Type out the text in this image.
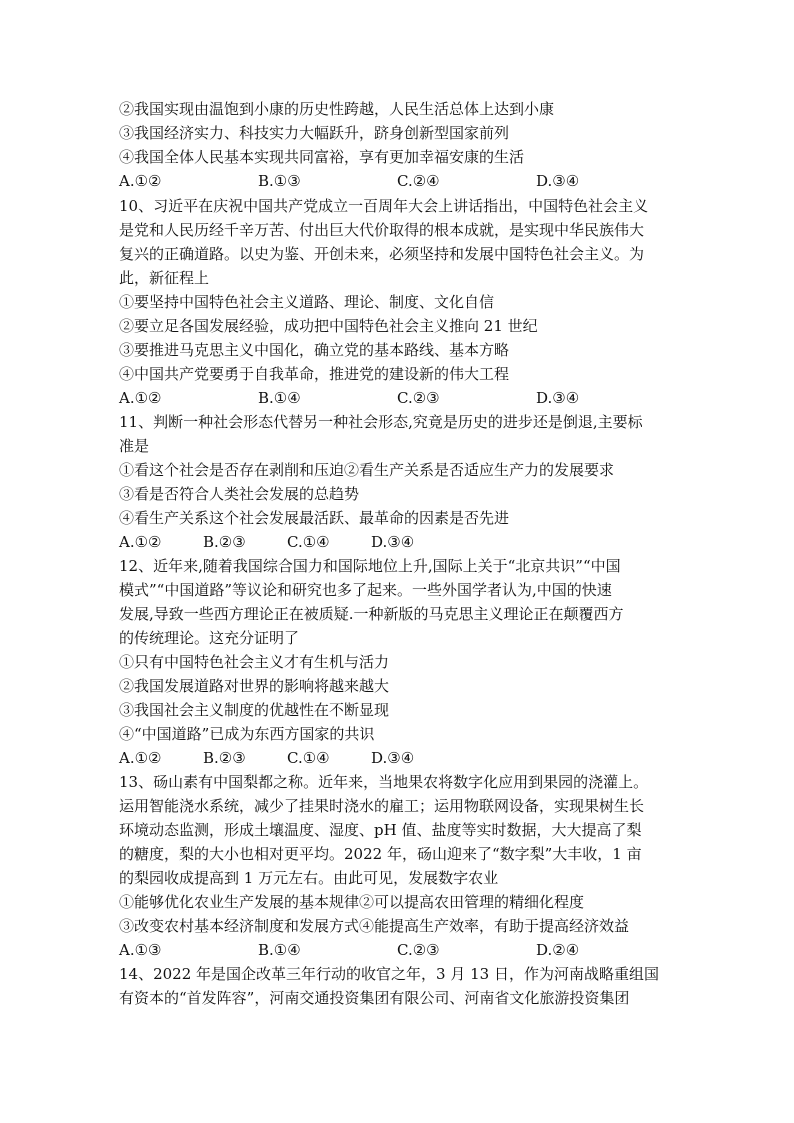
②我国实现由温饱到小康的历史性跨越，人民生活总体上达到小康
③我国经济实力、科技实力大幅跃升，跻身创新型国家前列
④我国全体人民基本实现共同富裕，享有更加幸福安康的生活
A.①②	B.①③	C.②④	D.③④
10、习近平在庆祝中国共产党成立一百周年大会上讲话指出，中国特色社会主义
是党和人民历经千辛万苦、付出巨大代价取得的根本成就，是实现中华民族伟大
复兴的正确道路。以史为鉴、开创未来，必须坚持和发展中国特色社会主义。为
此，新征程上
①要坚持中国特色社会主义道路、理论、制度、文化自信
②要立足各国发展经验，成功把中国特色社会主义推向 21 世纪
③要推进马克思主义中国化，确立党的基本路线、基本方略
④中国共产党要勇于自我革命，推进党的建设新的伟大工程
A.①②	B.①④	C.②③	D.③④
11、判断一种社会形态代替另一种社会形态,究竟是历史的进步还是倒退,主要标
准是
①看这个社会是否存在剥削和压迫②看生产关系是否适应生产力的发展要求
③看是否符合人类社会发展的总趋势
④看生产关系这个社会发展最活跃、最革命的因素是否先进
A.①②	B.②③	C.①④	D.③④
12、近年来,随着我国综合国力和国际地位上升,国际上关于“北京共识”“中国
模式”“中国道路”等议论和研究也多了起来。一些外国学者认为,中国的快速
发展,导致一些西方理论正在被质疑.一种新版的马克思主义理论正在颠覆西方
的传统理论。这充分证明了
①只有中国特色社会主义才有生机与活力
②我国发展道路对世界的影响将越来越大
③我国社会主义制度的优越性在不断显现
④“中国道路”已成为东西方国家的共识
A.①②	B.②③	C.①④	D.③④
13、砀山素有中国梨都之称。近年来，当地果农将数字化应用到果园的浇灌上。
运用智能浇水系统，减少了挂果时浇水的雇工；运用物联网设备，实现果树生长
环境动态监测，形成土壤温度、湿度、pH 值、盐度等实时数据，大大提高了梨
的糖度，梨的大小也相对更平均。2022 年，砀山迎来了“数字梨”大丰收，1 亩
的梨园收成提高到 1 万元左右。由此可见，发展数字农业
①能够优化农业生产发展的基本规律②可以提高农田管理的精细化程度
③改变农村基本经济制度和发展方式④能提高生产效率，有助于提高经济效益
A.①③	B.①④	C.②③	D.②④
14、2022 年是国企改革三年行动的收官之年，3 月 13 日，作为河南战略重组国
有资本的“首发阵容”，河南交通投资集团有限公司、河南省文化旅游投资集团
